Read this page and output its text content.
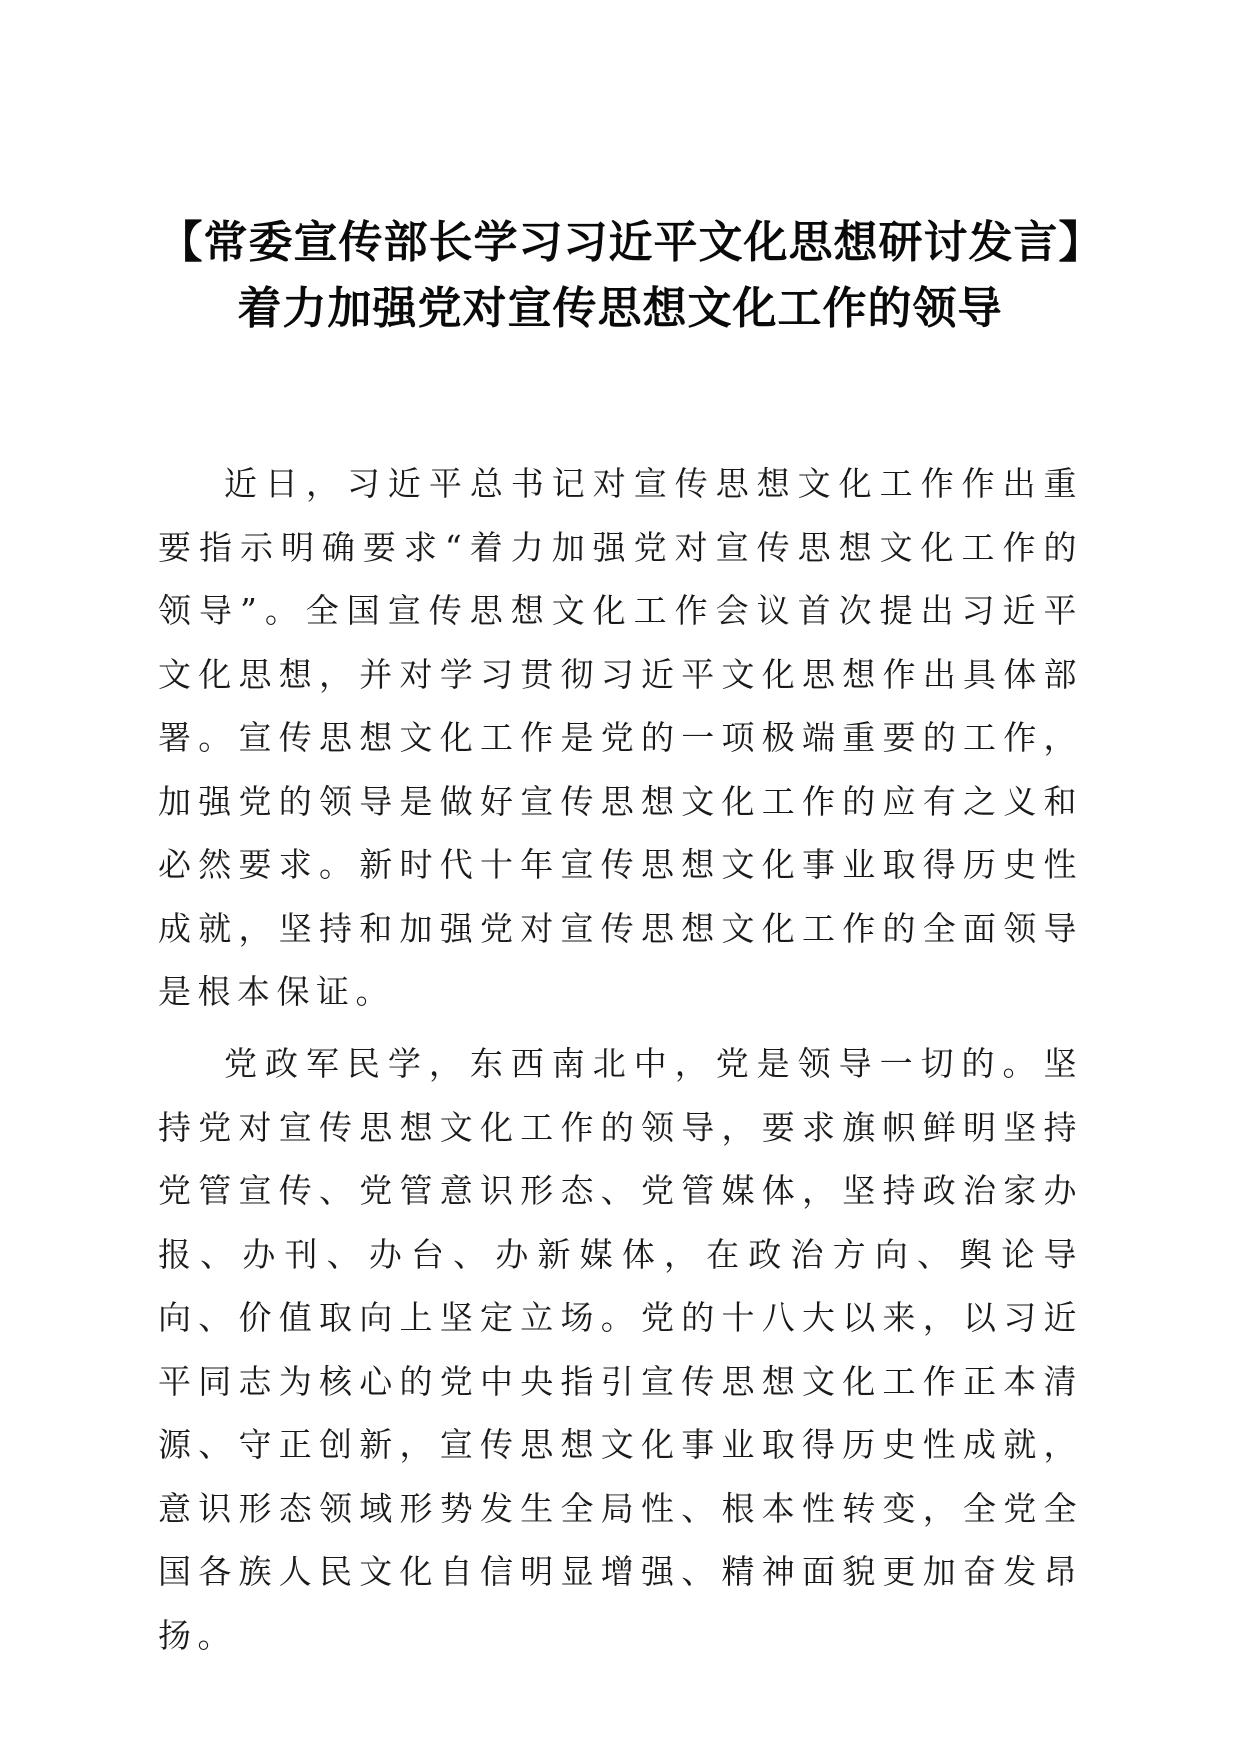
【常委宣传部长学习习近平文化思想研讨发言】着力加强党对宣传思想文化工作的领导

近日，习近平总书记对宣传思想文化工作作出重要指示明确要求“着力加强党对宣传思想文化工作的领导”。全国宣传思想文化工作会议首次提出习近平文化思想，并对学习贯彻习近平文化思想作出具体部署。宣传思想文化工作是党的一项极端重要的工作，加强党的领导是做好宣传思想文化工作的应有之义和必然要求。新时代十年宣传思想文化事业取得历史性成就，坚持和加强党对宣传思想文化工作的全面领导是根本保证。

党政军民学，东西南北中，党是领导一切的。坚持党对宣传思想文化工作的领导，要求旗帜鲜明坚持党管宣传、党管意识形态、党管媒体，坚持政治家办报、办刊、办台、办新媒体，在政治方向、舆论导向、价值取向上坚定立场。党的十八大以来，以习近平同志为核心的党中央指引宣传思想文化工作正本清源、守正创新，宣传思想文化事业取得历史性成就，意识形态领域形势发生全局性、根本性转变，全党全国各族人民文化自信明显增强、精神面貌更加奋发昂扬。
